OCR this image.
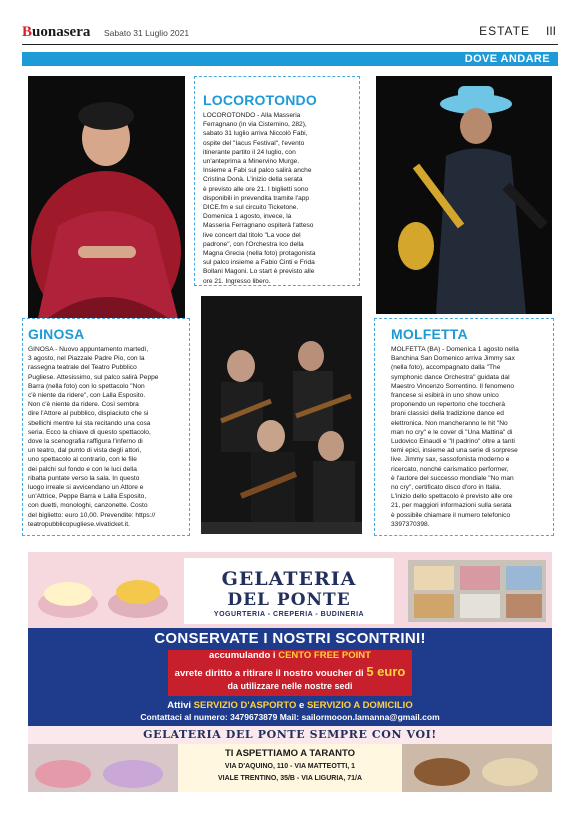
Buonasera Sabato 31 Luglio 2021	ESTATE III
DOVE ANDARE
LOCOROTONDO
LOCOROTONDO - Alla Masseria
Ferragnano (in via Cisternino, 282),
sabato 31 luglio arriva Niccolò Fabi,
ospite del "Iacus Festival", l'evento
itinerante partito il 24 luglio, con
un'anteprima a Minervino Murge.
Insieme a Fabi sul palco salirà anche
Cristina Donà. L'inizio della serata
è previsto alle ore 21. I biglietti sono
disponibili in prevendita tramite l'app
DICE.fm e sul circuito Ticketone.
Domenica 1 agosto, invece, la
Masseria Ferragnano ospiterà l'atteso
live concert dal titolo "La voce del
padrone", con l'Orchestra Ico della
Magna Grecia (nella foto) protagonista
sul palco insieme a Fabio Cinti e Frida
Bollani Magoni. Lo start è previsto alle
ore 21. Ingresso libero.
GINOSA
GINOSA - Nuovo appuntamento martedì,
3 agosto, nel Piazzale Padre Pio, con la
rassegna teatrale del Teatro Pubblico
Pugliese. Attesissimo, sul palco salirà Peppe
Barra (nella foto) con lo spettacolo "Non
c'è niente da ridere", con Lalla Esposito.
Non c'è niente da ridere. Così sembra
dire l'Attore al pubblico, dispiaciuto che si
sbellichi mentre lui sta recitando una cosa
seria. Ecco la chiave di questo spettacolo,
dove la scenografia raffigura l'inferno di
un teatro, dal punto di vista degli attori,
uno spettacolo al contrario, con le file
dei palchi sul fondo e con le luci della
ribalta puntate verso la sala. In questo
luogo irreale si avvicendano un Attore e
un'Attrice, Peppe Barra e Lalla Esposito,
con duetti, monologhi, canzonette. Costo
del biglietto: euro 10,00. Prevendite: https://
teatropubblicopugliese.vivaticket.it.
MOLFETTA
MOLFETTA (BA) - Domenica 1 agosto nella
Banchina San Domenico arriva Jimmy sax
(nella foto), accompagnato dalla "The
symphonic dance Orchestra" guidata dal
Maestro Vincenzo Sorrentino. Il fenomeno
francese si esibirà in uno show unico
proponendo un repertorio che toccherà
brani classici della tradizione dance ed
elettronica. Non mancheranno le hit "No
man no cry" e le cover di "Una Mattina" di
Ludovico Einaudi e "Il padrino" oltre a tanti
temi epici, insieme ad una serie di sorprese
live. Jimmy sax, sassofonista moderno e
ricercato, nonché carismatico performer,
è l'autore del successo mondiale "No man
no cry", certificato disco d'oro in Italia.
L'inizio dello spettacolo è previsto alle ore
21, per maggiori informazioni sulla serata
è possibile chiamare il numero telefonico
3397370398.
GELATERIA
DEL PONTE
YOGURTERIA - CREPERIA - BUDINERIA
CONSERVATE I NOSTRI SCONTRINI!
accumulando i CENTO FREE POINT
avrete diritto a ritirare il nostro voucher di 5 euro
da utilizzare nelle nostre sedi
Attivi SERVIZIO D'ASPORTO e SERVIZIO A DOMICILIO
Contattaci al numero: 3479673879 Mail: sailormooon.lamanna@gmail.com
GELATERIA DEL PONTE SEMPRE CON VOI!
TI ASPETTIAMO A TARANTO
VIA D'AQUINO, 110 - VIA MATTEOTTI, 1
VIALE TRENTINO, 35/B - VIA LIGURIA, 71/A
